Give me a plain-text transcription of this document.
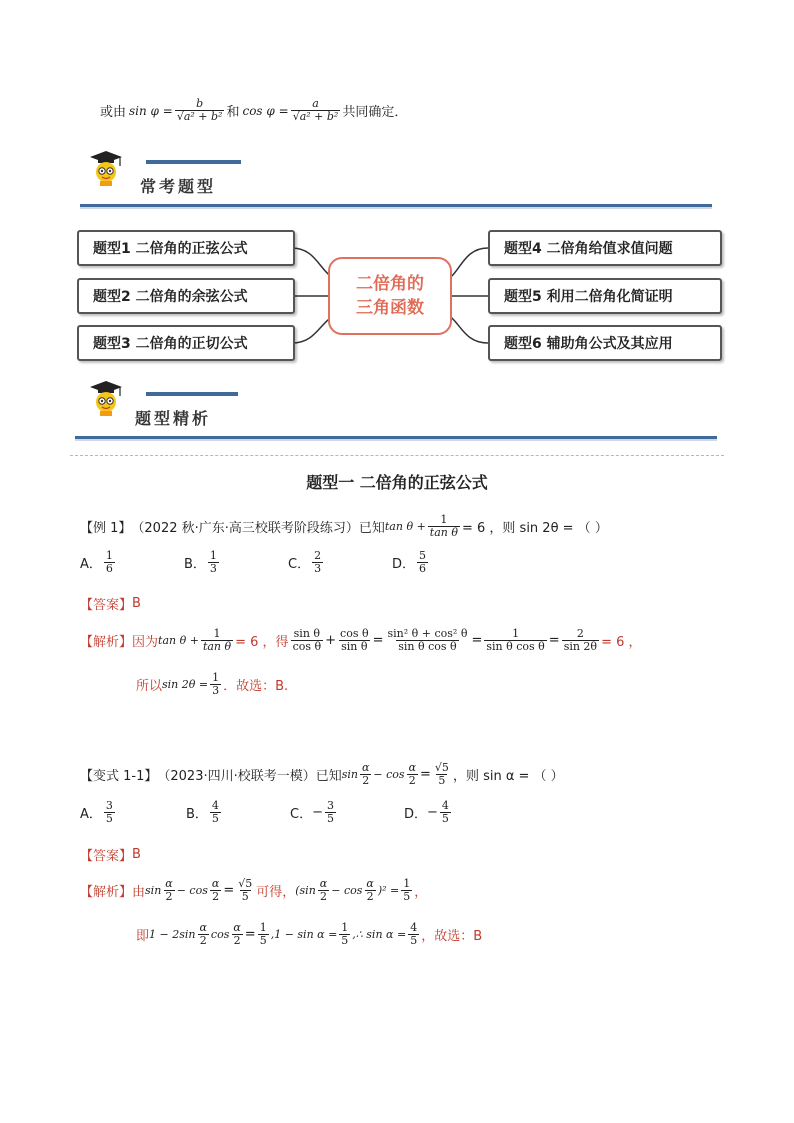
或由 $\sin \varphi = \frac{b}{\text{√a² + b²}}$ 和 $\cos \varphi = \frac{a}{\text{√a² + b²}}$ 共同确定．
常考题型
题型1 二倍角的正弦公式
题型2 二倍角的余弦公式
题型3 二倍角的正切公式
二倍角的
三角函数
题型4 二倍角给值求值问题
题型5 利用二倍角化简证明
题型6 辅助角公式及其应用
题型精析
题型一 二倍角的正弦公式
【例 1】 （2022 秋·广东·高三校联考阶段练习）已知 $\tan \theta + \frac{1}{\text{tan θ}} = 6$ ，则 sin 2θ = （ ）
A． $\frac{1}{6}$	B． $\frac{1}{3}$	C． $\frac{2}{3}$	D． $\frac{5}{6}$
【答案】 B
【解析】 因为 $\tan \theta + \frac{1}{\text{tan θ}} = 6$ ，得 $\frac{\text{sin θ}}{\text{cos θ}} + \frac{\text{cos θ}}{\text{sin θ}} = \frac{\text{sin² θ + cos² θ}}{\text{sin θ cos θ}} = \frac{1}{\text{sin θ cos θ}} = \frac{2}{\sin 2\theta} = 6$ ，
所以 $\sin 2\theta = \frac{1}{3}$ ．故选：B.
【变式 1-1】 （2023·四川·校联考一模）已知 $\sin \frac{\alpha}{2} - \cos \frac{\alpha}{2} = \frac{√5}{5}$ ，则 sin α = （ ）
A． $\frac{3}{5}$	B． $\frac{4}{5}$	C． − $\frac{3}{5}$	D． − $\frac{4}{5}$
【答案】 B
【解析】 由 $\sin \frac{\alpha}{2} - \cos \frac{\alpha}{2} = \frac{√5}{5}$ 可得， $(\sin \frac{\alpha}{2} - \cos \frac{\alpha}{2} )^2 = \frac{1}{5}$ ，
即 $1 - 2\sin \frac{\alpha}{2}$ $\cos \frac{\alpha}{2} = \frac{1}{5} ,1 - \sin \alpha = \frac{1}{5}$ ,∴ $\sin \alpha = \frac{4}{5}$ ，故选：B
